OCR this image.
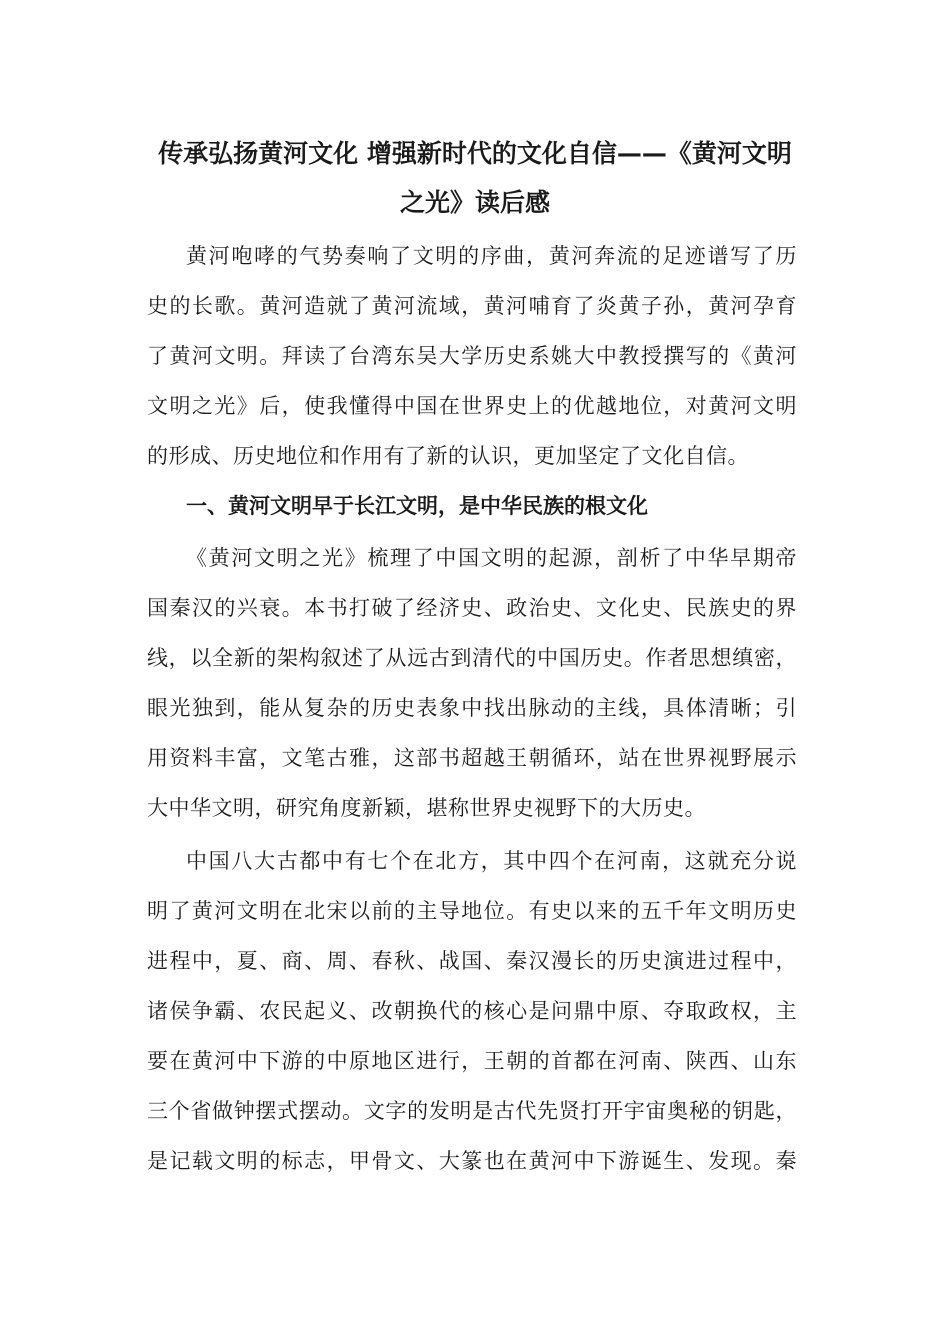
传承弘扬黄河文化 增强新时代的文化自信——《黄河文明
之光》读后感
黄河咆哮的气势奏响了文明的序曲，黄河奔流的足迹谱写了历
史的长歌。黄河造就了黄河流域，黄河哺育了炎黄子孙，黄河孕育
了黄河文明。拜读了台湾东吴大学历史系姚大中教授撰写的《黄河
文明之光》后，使我懂得中国在世界史上的优越地位，对黄河文明
的形成、历史地位和作用有了新的认识，更加坚定了文化自信。
一、黄河文明早于长江文明，是中华民族的根文化
《黄河文明之光》梳理了中国文明的起源，剖析了中华早期帝
国秦汉的兴衰。本书打破了经济史、政治史、文化史、民族史的界
线，以全新的架构叙述了从远古到清代的中国历史。作者思想缜密，
眼光独到，能从复杂的历史表象中找出脉动的主线，具体清晰；引
用资料丰富，文笔古雅，这部书超越王朝循环，站在世界视野展示
大中华文明，研究角度新颖，堪称世界史视野下的大历史。
中国八大古都中有七个在北方，其中四个在河南，这就充分说
明了黄河文明在北宋以前的主导地位。有史以来的五千年文明历史
进程中，夏、商、周、春秋、战国、秦汉漫长的历史演进过程中，
诸侯争霸、农民起义、改朝换代的核心是问鼎中原、夺取政权，主
要在黄河中下游的中原地区进行，王朝的首都在河南、陕西、山东
三个省做钟摆式摆动。文字的发明是古代先贤打开宇宙奥秘的钥匙，
是记载文明的标志，甲骨文、大篆也在黄河中下游诞生、发现。秦
